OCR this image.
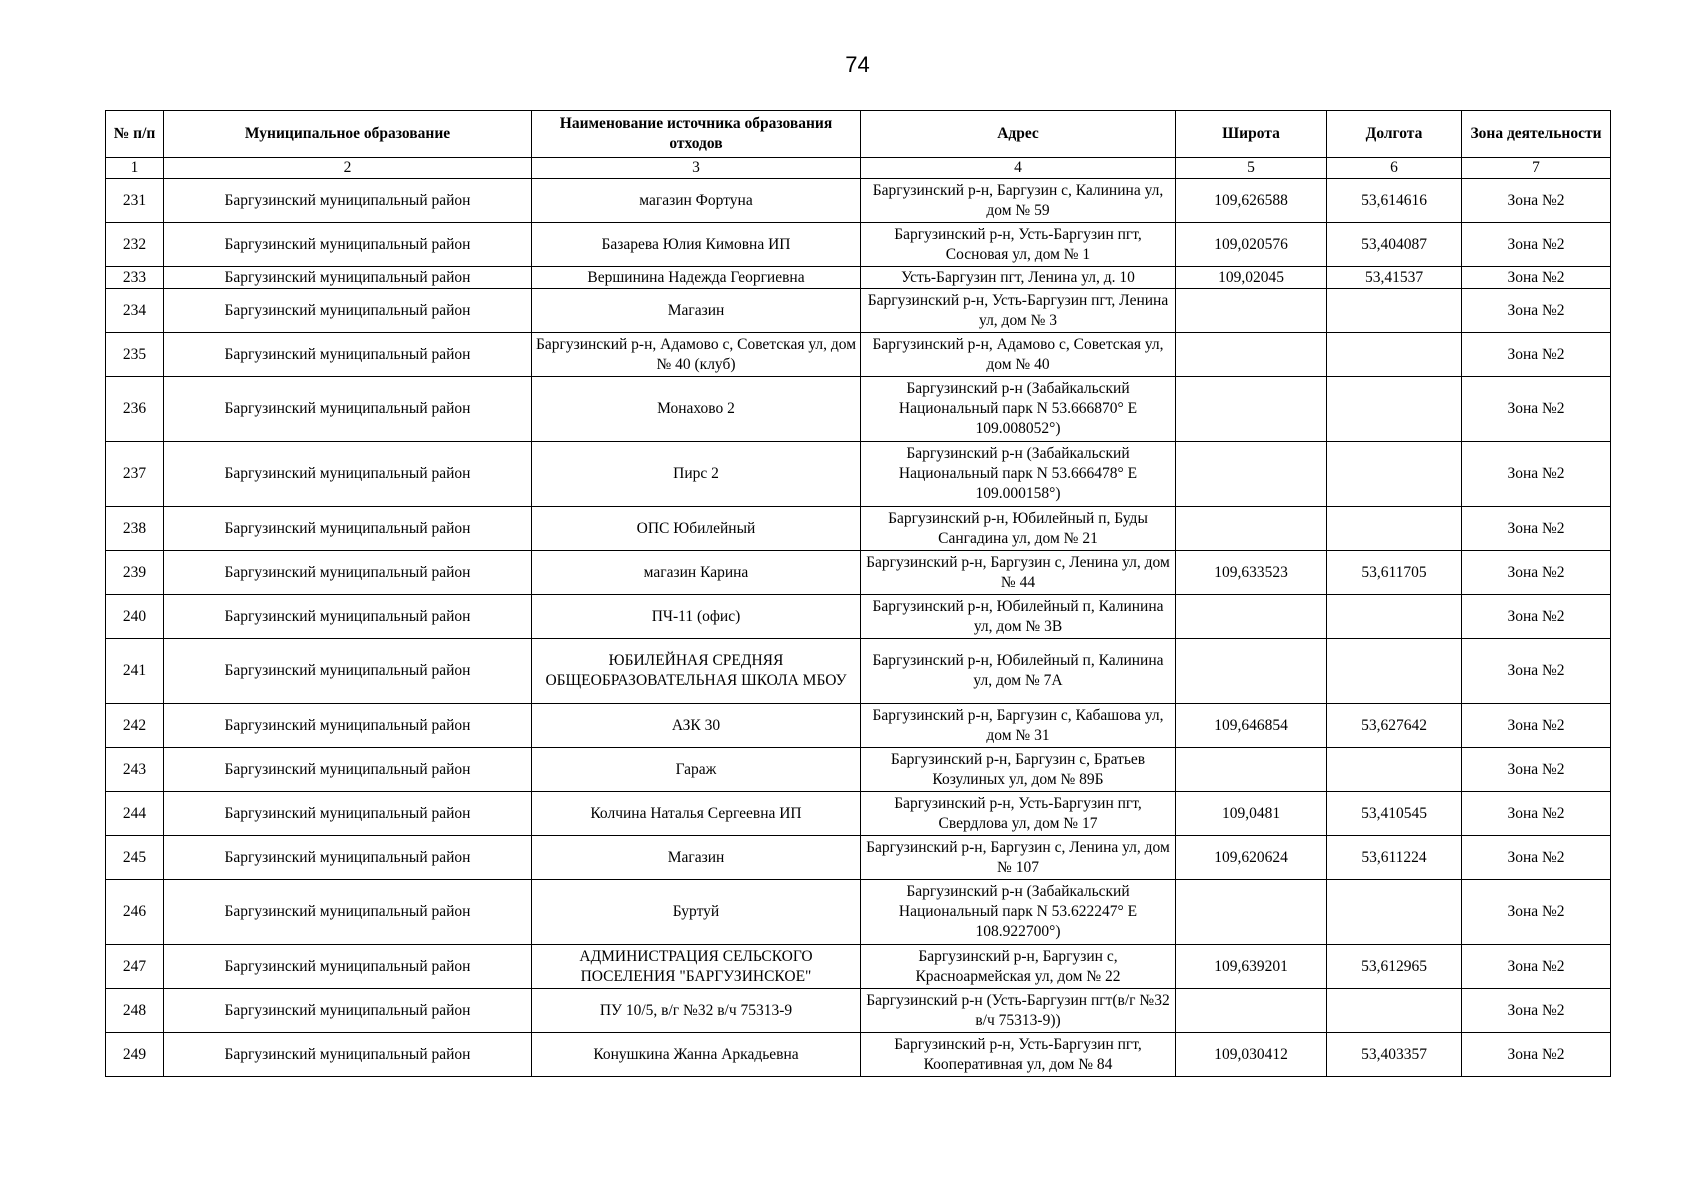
74
№ п/п	Муниципальное образование	Наименование источника образования отходов	Адрес	Широта	Долгота	Зона деятельности
1	2	3	4	5	6	7
231	Баргузинский муниципальный район	магазин Фортуна	Баргузинский р-н, Баргузин с, Калинина ул, дом № 59	109,626588	53,614616	Зона №2
232	Баргузинский муниципальный район	Базарева Юлия Кимовна ИП	Баргузинский р-н, Усть-Баргузин пгт, Сосновая ул, дом № 1	109,020576	53,404087	Зона №2
233	Баргузинский муниципальный район	Вершинина Надежда Георгиевна	Усть-Баргузин пгт, Ленина ул, д. 10	109,02045	53,41537	Зона №2
234	Баргузинский муниципальный район	Магазин	Баргузинский р-н, Усть-Баргузин пгт, Ленина ул, дом № 3			Зона №2
235	Баргузинский муниципальный район	Баргузинский р-н, Адамово с, Советская ул, дом № 40 (клуб)	Баргузинский р-н, Адамово с, Советская ул, дом № 40			Зона №2
236	Баргузинский муниципальный район	Монахово 2	Баргузинский р-н (Забайкальский Национальный парк N 53.666870° E 109.008052°)			Зона №2
237	Баргузинский муниципальный район	Пирс 2	Баргузинский р-н (Забайкальский Национальный парк N 53.666478° E 109.000158°)			Зона №2
238	Баргузинский муниципальный район	ОПС Юбилейный	Баргузинский р-н, Юбилейный п, Буды Сангадина ул, дом № 21			Зона №2
239	Баргузинский муниципальный район	магазин Карина	Баргузинский р-н, Баргузин с, Ленина ул, дом № 44	109,633523	53,611705	Зона №2
240	Баргузинский муниципальный район	ПЧ-11 (офис)	Баргузинский р-н, Юбилейный п, Калинина ул, дом № 3В			Зона №2
241	Баргузинский муниципальный район	ЮБИЛЕЙНАЯ СРЕДНЯЯ ОБЩЕОБРАЗОВАТЕЛЬНАЯ ШКОЛА МБОУ	Баргузинский р-н, Юбилейный п, Калинина ул, дом № 7А			Зона №2
242	Баргузинский муниципальный район	АЗК 30	Баргузинский р-н, Баргузин с, Кабашова ул, дом № 31	109,646854	53,627642	Зона №2
243	Баргузинский муниципальный район	Гараж	Баргузинский р-н, Баргузин с, Братьев Козулиных ул, дом № 89Б			Зона №2
244	Баргузинский муниципальный район	Колчина Наталья Сергеевна ИП	Баргузинский р-н, Усть-Баргузин пгт, Свердлова ул, дом № 17	109,0481	53,410545	Зона №2
245	Баргузинский муниципальный район	Магазин	Баргузинский р-н, Баргузин с, Ленина ул, дом № 107	109,620624	53,611224	Зона №2
246	Баргузинский муниципальный район	Буртуй	Баргузинский р-н (Забайкальский Национальный парк N 53.622247° E 108.922700°)			Зона №2
247	Баргузинский муниципальный район	АДМИНИСТРАЦИЯ СЕЛЬСКОГО ПОСЕЛЕНИЯ "БАРГУЗИНСКОЕ"	Баргузинский р-н, Баргузин с, Красноармейская ул, дом № 22	109,639201	53,612965	Зона №2
248	Баргузинский муниципальный район	ПУ 10/5, в/г №32 в/ч 75313-9	Баргузинский р-н (Усть-Баргузин пгт(в/г №32 в/ч 75313-9))			Зона №2
249	Баргузинский муниципальный район	Конушкина Жанна Аркадьевна	Баргузинский р-н, Усть-Баргузин пгт, Кооперативная ул, дом № 84	109,030412	53,403357	Зона №2
